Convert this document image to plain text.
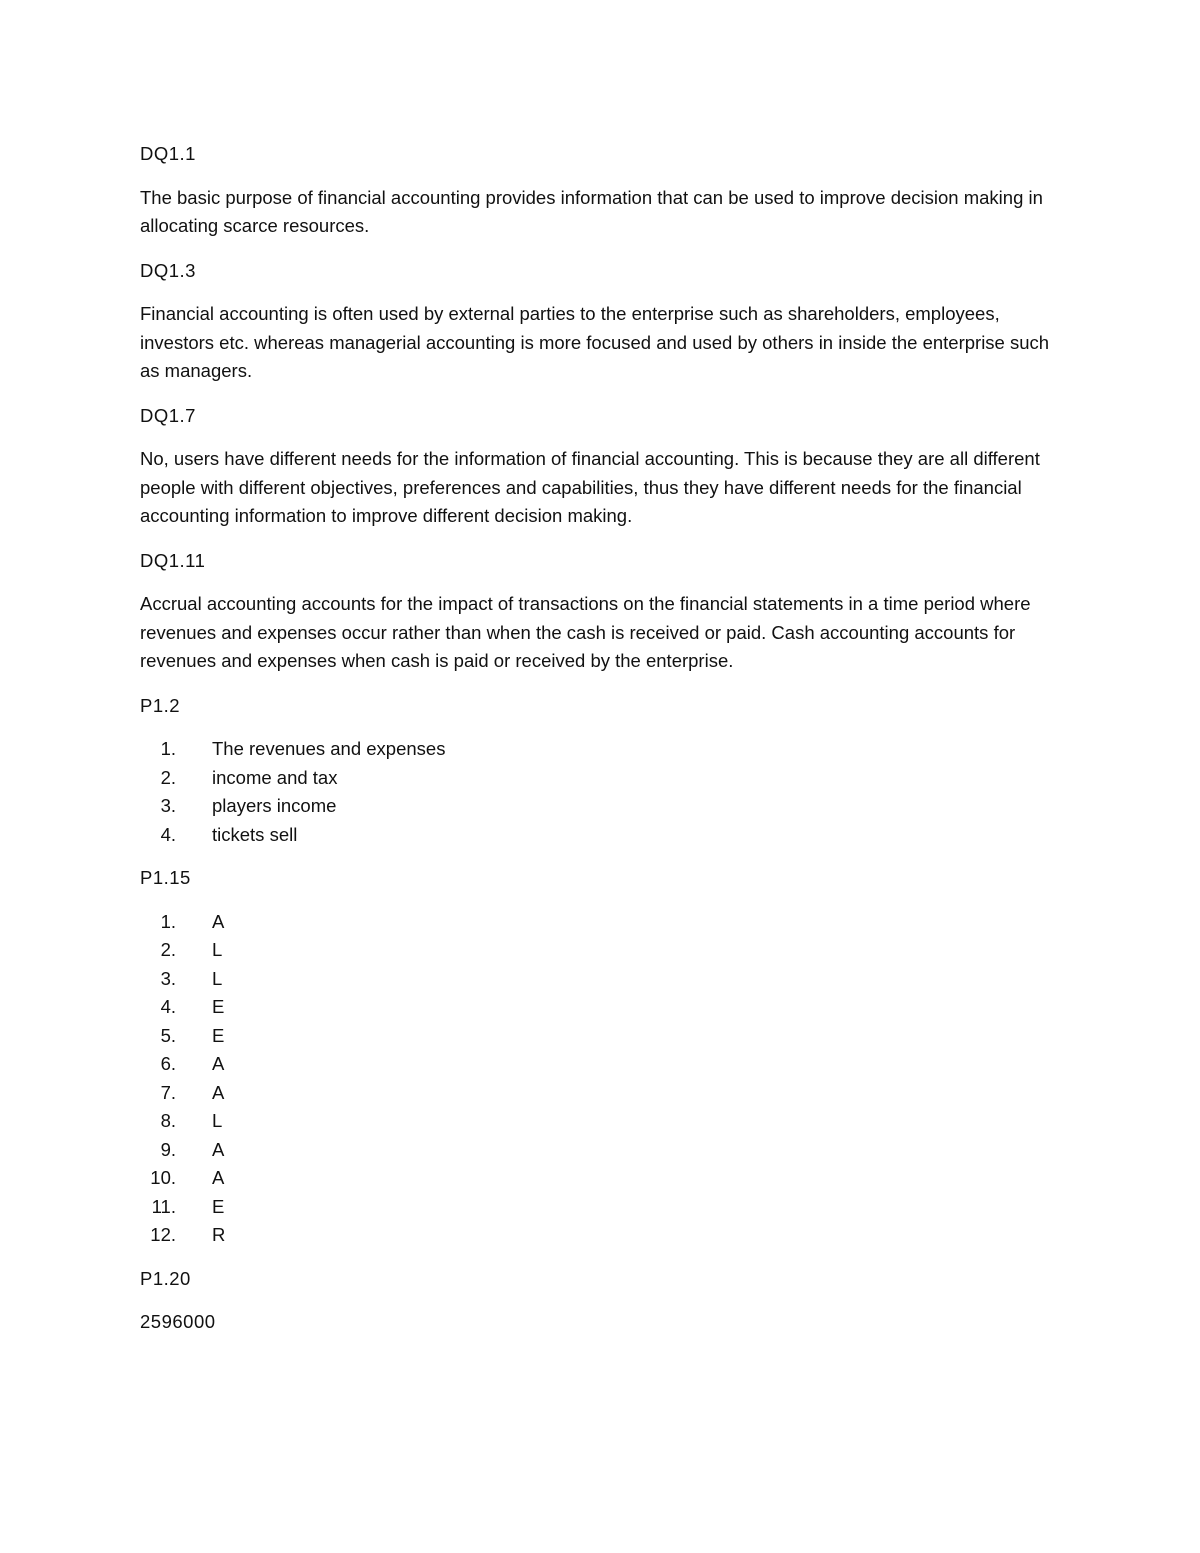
DQ1.1

The basic purpose of financial accounting provides information that can be used to improve decision making in allocating scarce resources.

DQ1.3

Financial accounting is often used by external parties to the enterprise such as shareholders, employees, investors etc. whereas managerial accounting is more focused and used by others in inside the enterprise such as managers.

DQ1.7

No, users have different needs for the information of financial accounting. This is because they are all different people with different objectives, preferences and capabilities, thus they have different needs for the financial accounting information to improve different decision making.

DQ1.11

Accrual accounting accounts for the impact of transactions on the financial statements in a time period where revenues and expenses occur rather than when the cash is received or paid. Cash accounting accounts for revenues and expenses when cash is paid or received by the enterprise.

P1.2

1. The revenues and expenses
2. income and tax
3. players income
4. tickets sell

P1.15

1. A
2. L
3. L
4. E
5. E
6. A
7. A
8. L
9. A
10. A
11. E
12. R

P1.20

2596000
